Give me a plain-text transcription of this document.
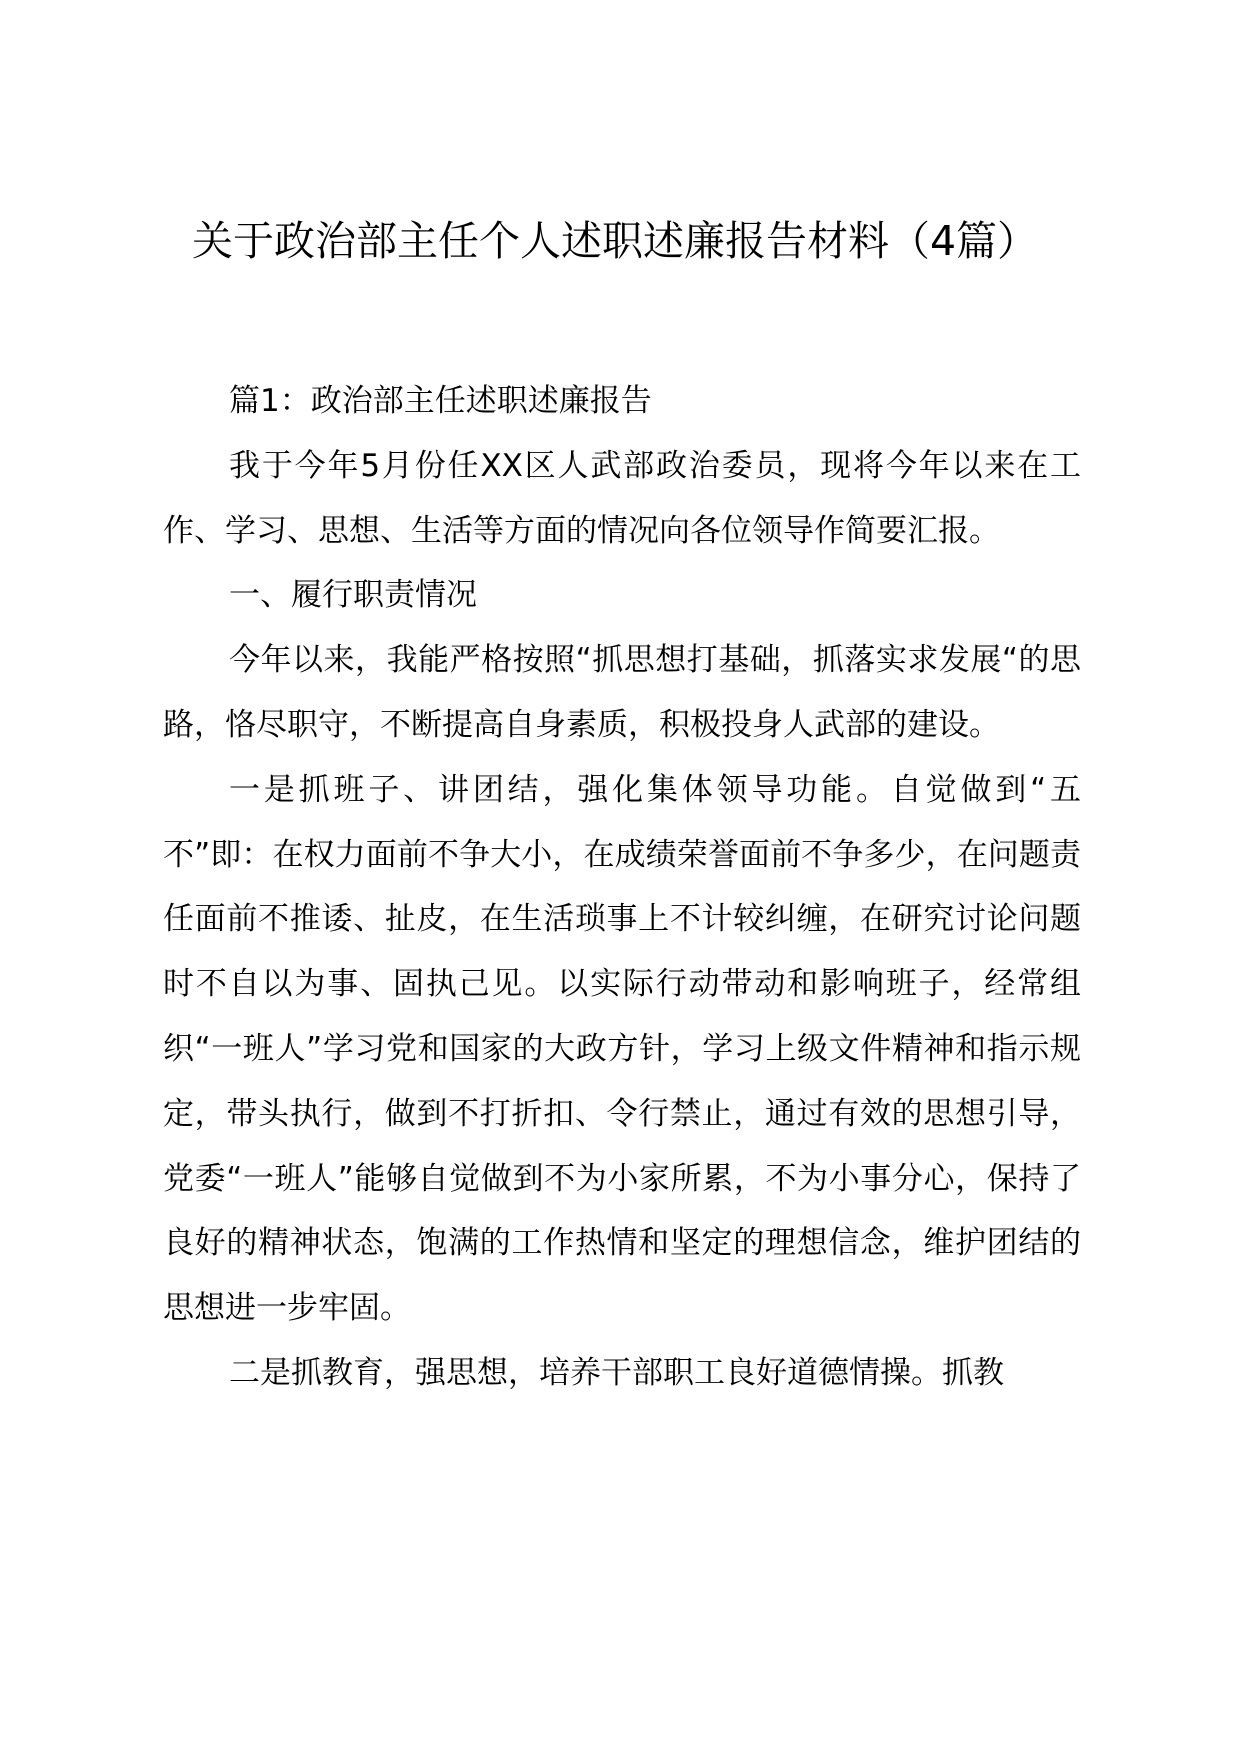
关于政治部主任个人述职述廉报告材料（4篇）

篇1：政治部主任述职述廉报告

我于今年5月份任XX区人武部政治委员，现将今年以来在工作、学习、思想、生活等方面的情况向各位领导作简要汇报。

一、履行职责情况

今年以来，我能严格按照“抓思想打基础，抓落实求发展“的思路，恪尽职守，不断提高自身素质，积极投身人武部的建设。

一是抓班子、讲团结，强化集体领导功能。自觉做到“五不”即：在权力面前不争大小，在成绩荣誉面前不争多少，在问题责任面前不推诿、扯皮，在生活琐事上不计较纠缠，在研究讨论问题时不自以为事、固执己见。以实际行动带动和影响班子，经常组织“一班人”学习党和国家的大政方针，学习上级文件精神和指示规定，带头执行，做到不打折扣、令行禁止，通过有效的思想引导，党委“一班人”能够自觉做到不为小家所累，不为小事分心，保持了良好的精神状态，饱满的工作热情和坚定的理想信念，维护团结的思想进一步牢固。

二是抓教育，强思想，培养干部职工良好道德情操。抓教
